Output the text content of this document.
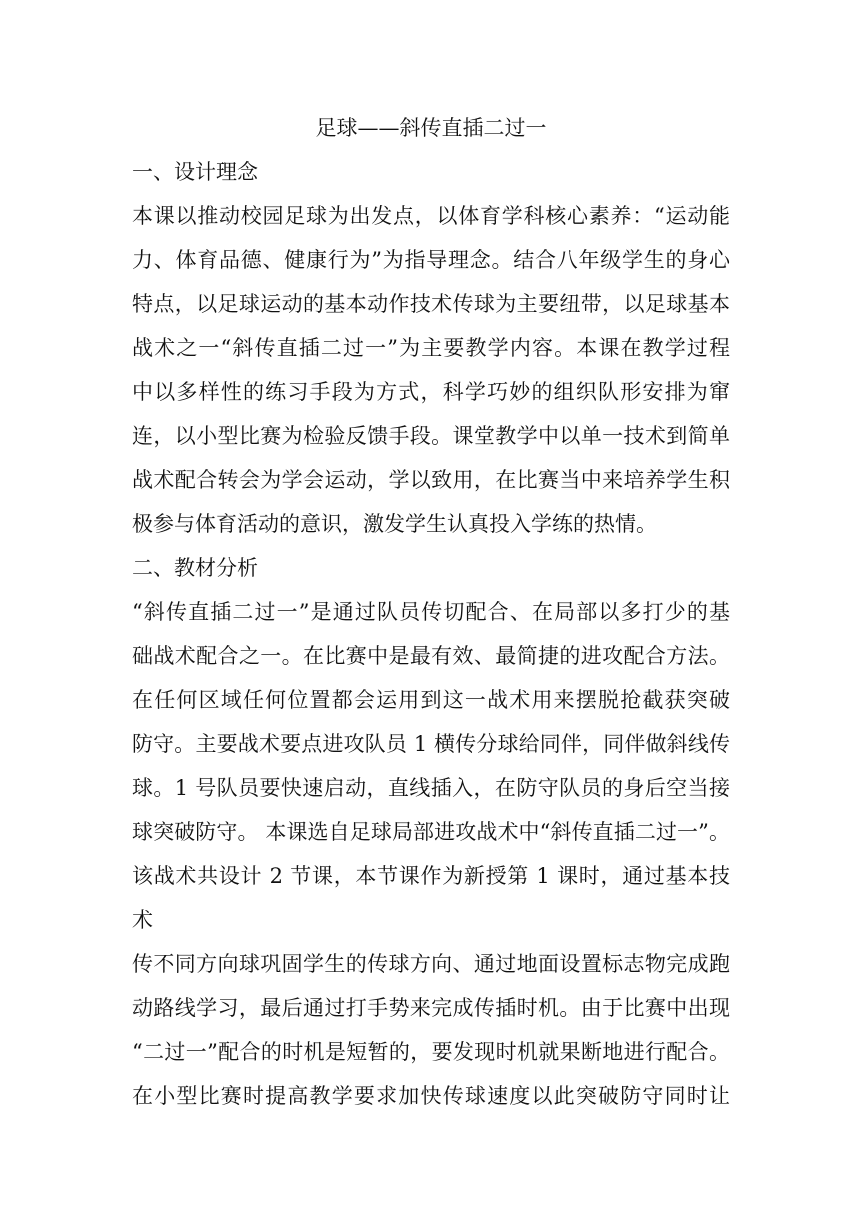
足球——斜传直插二过一
一、设计理念

本课以推动校园足球为出发点，以体育学科核心素养：“运动能
力、体育品德、健康行为”为指导理念。结合八年级学生的身心
特点，以足球运动的基本动作技术传球为主要纽带，以足球基本
战术之一“斜传直插二过一”为主要教学内容。本课在教学过程
中以多样性的练习手段为方式，科学巧妙的组织队形安排为窜
连，以小型比赛为检验反馈手段。课堂教学中以单一技术到简单
战术配合转会为学会运动，学以致用，在比赛当中来培养学生积
极参与体育活动的意识，激发学生认真投入学练的热情。

二、教材分析

“斜传直插二过一”是通过队员传切配合、在局部以多打少的基
础战术配合之一。在比赛中是最有效、最简捷的进攻配合方法。
在任何区域任何位置都会运用到这一战术用来摆脱抢截获突破
防守。主要战术要点进攻队员 1 横传分球给同伴，同伴做斜线传
球。1 号队员要快速启动，直线插入，在防守队员的身后空当接
球突破防守。 本课选自足球局部进攻战术中“斜传直插二过一”。
该战术共设计 2 节课，本节课作为新授第 1 课时，通过基本技术
传不同方向球巩固学生的传球方向、通过地面设置标志物完成跑
动路线学习，最后通过打手势来完成传插时机。由于比赛中出现
“二过一”配合的时机是短暂的，要发现时机就果断地进行配合。
在小型比赛时提高教学要求加快传球速度以此突破防守同时让
